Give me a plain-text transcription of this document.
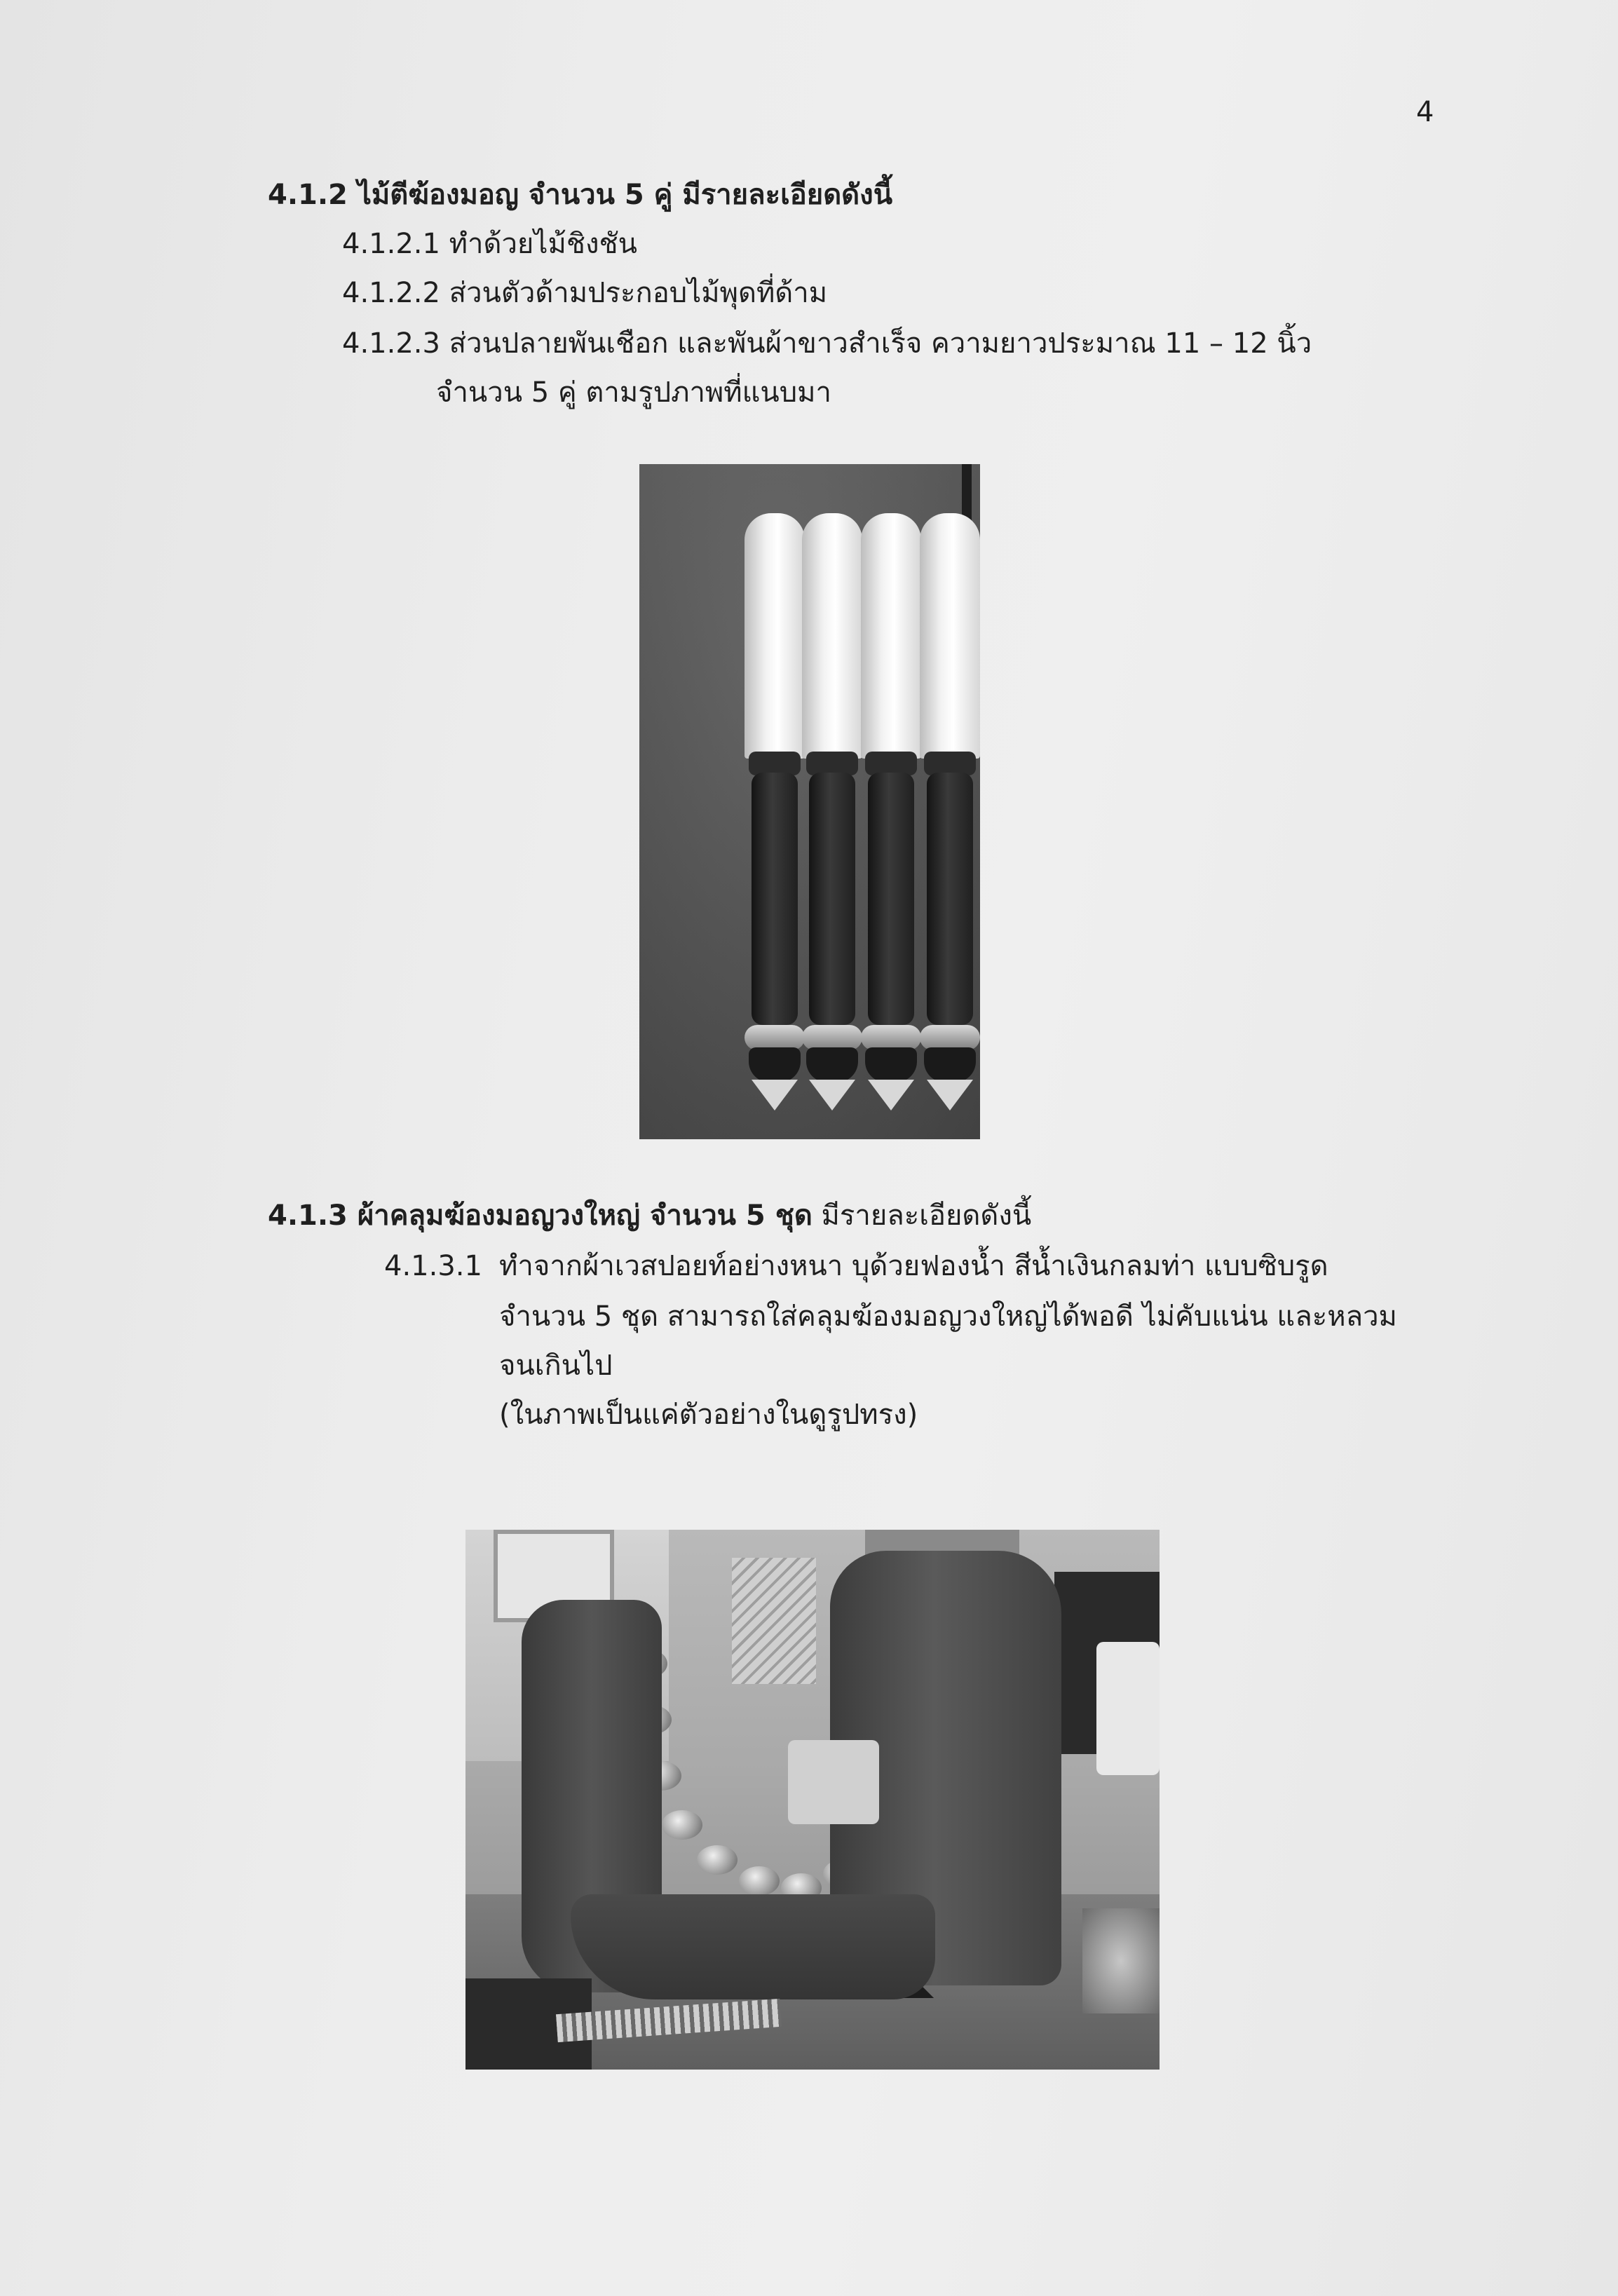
4
4.1.2 ไม้ตีฆ้องมอญ จำนวน 5 คู่ มีรายละเอียดดังนี้
4.1.2.1 ทำด้วยไม้ชิงชัน
4.1.2.2 ส่วนตัวด้ามประกอบไม้พุดที่ด้าม
4.1.2.3 ส่วนปลายพันเชือก และพันผ้าขาวสำเร็จ ความยาวประมาณ 11 – 12 นิ้ว
จำนวน 5 คู่ ตามรูปภาพที่แนบมา
4.1.3 ผ้าคลุมฆ้องมอญวงใหญ่ จำนวน 5 ชุด มีรายละเอียดดังนี้
4.1.3.1 ทำจากผ้าเวสปอยท์อย่างหนา บุด้วยฟองน้ำ สีน้ำเงินกลมท่า แบบซิบรูด
จำนวน 5 ชุด สามารถใส่คลุมฆ้องมอญวงใหญ่ได้พอดี ไม่คับแน่น และหลวม
จนเกินไป
(ในภาพเป็นแค่ตัวอย่างในดูรูปทรง)
